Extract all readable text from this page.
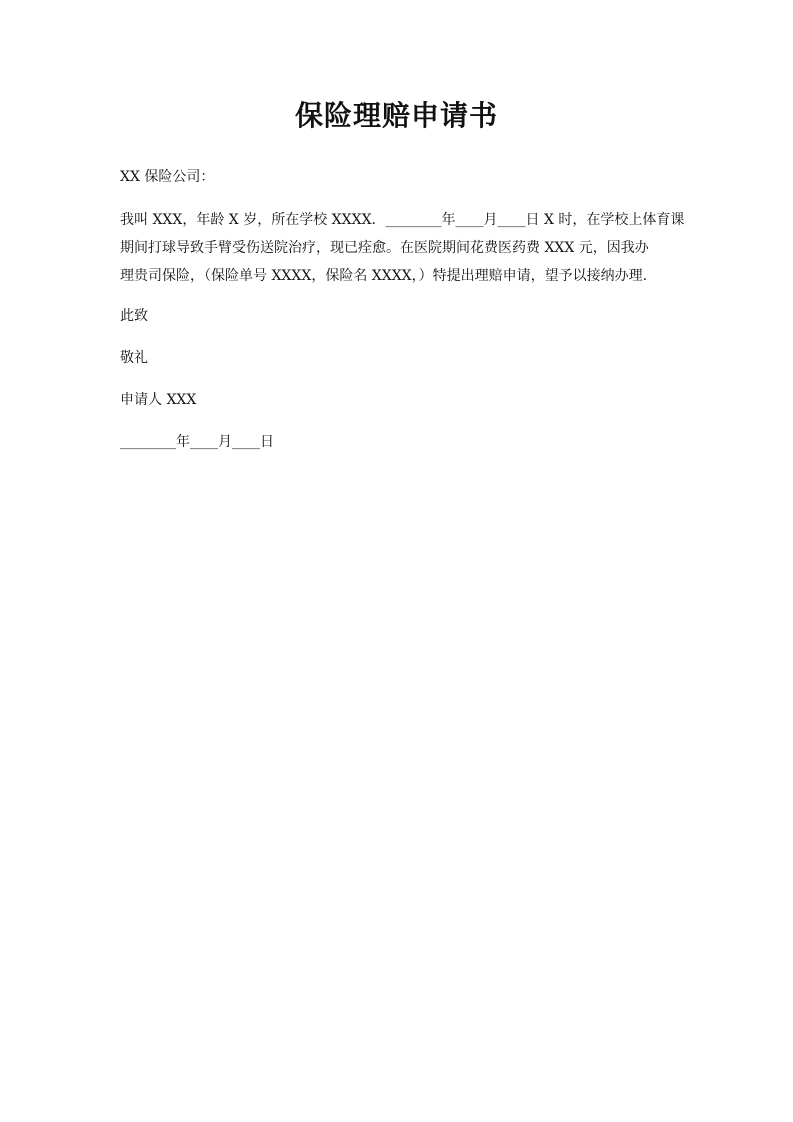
保险理赔申请书
XX 保险公司：
我叫 XXX，年龄 X 岁，所在学校 XXXX．________年____月____日 X 时，在学校上体育课
期间打球导致手臂受伤送院治疗，现已痊愈。在医院期间花费医药费 XXX 元，因我办
理贵司保险，（保险单号 XXXX，保险名 XXXX，）特提出理赔申请，望予以接纳办理.
此致
敬礼
申请人 XXX
________年____月____日
